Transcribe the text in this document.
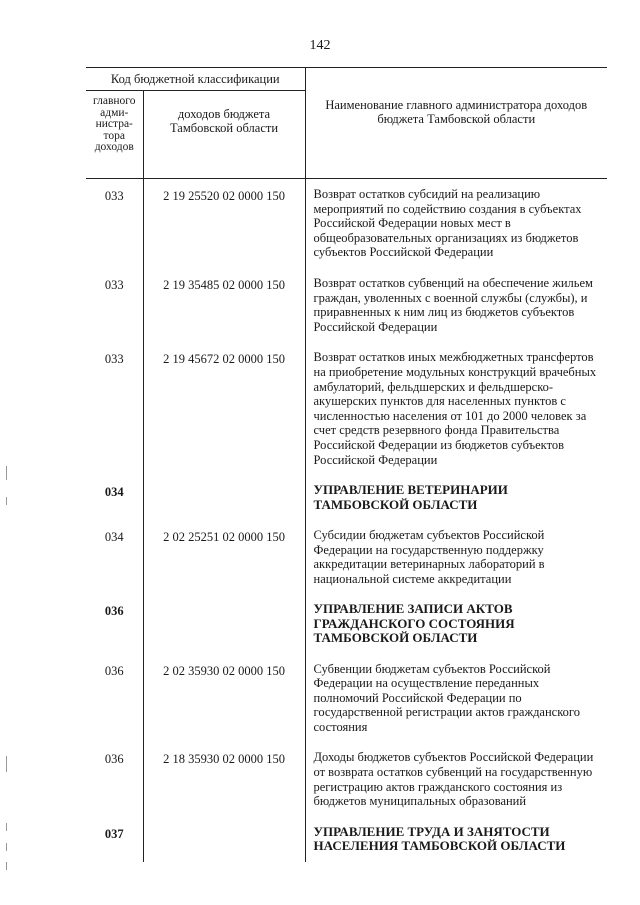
142
Код бюджетной классификации		Наименование главного администратора доходов бюджета Тамбовской области
главного адми-нистра-тора доходов	доходов бюджета Тамбовской области	
033	2 19 25520 02 0000 150	Возврат остатков субсидий на реализацию мероприятий по содействию создания в субъектах Российской Федерации новых мест в общеобразовательных организациях из бюджетов субъектов Российской Федерации
033	2 19 35485 02 0000 150	Возврат остатков субвенций на обеспечение жильем граждан, уволенных с военной службы (службы), и приравненных к ним лиц из бюджетов субъектов Российской Федерации
033	2 19 45672 02 0000 150	Возврат остатков иных межбюджетных трансфертов на приобретение модульных конструкций врачебных амбулаторий, фельдшерских и фельдшерско-акушерских пунктов для населенных пунктов с численностью населения от 101 до 2000 человек за счет средств резервного фонда Правительства Российской Федерации из бюджетов субъектов Российской Федерации
034		УПРАВЛЕНИЕ ВЕТЕРИНАРИИ ТАМБОВСКОЙ ОБЛАСТИ
034	2 02 25251 02 0000 150	Субсидии бюджетам субъектов Российской Федерации на государственную поддержку аккредитации ветеринарных лабораторий в национальной системе аккредитации
036		УПРАВЛЕНИЕ ЗАПИСИ АКТОВ ГРАЖДАНСКОГО СОСТОЯНИЯ ТАМБОВСКОЙ ОБЛАСТИ
036	2 02 35930 02 0000 150	Субвенции бюджетам субъектов Российской Федерации на осуществление переданных полномочий Российской Федерации по государственной регистрации актов гражданского состояния
036	2 18 35930 02 0000 150	Доходы бюджетов субъектов Российской Федерации от возврата остатков субвенций на государственную регистрацию актов гражданского состояния из бюджетов муниципальных образований
037		УПРАВЛЕНИЕ ТРУДА И ЗАНЯТОСТИ НАСЕЛЕНИЯ ТАМБОВСКОЙ ОБЛАСТИ
